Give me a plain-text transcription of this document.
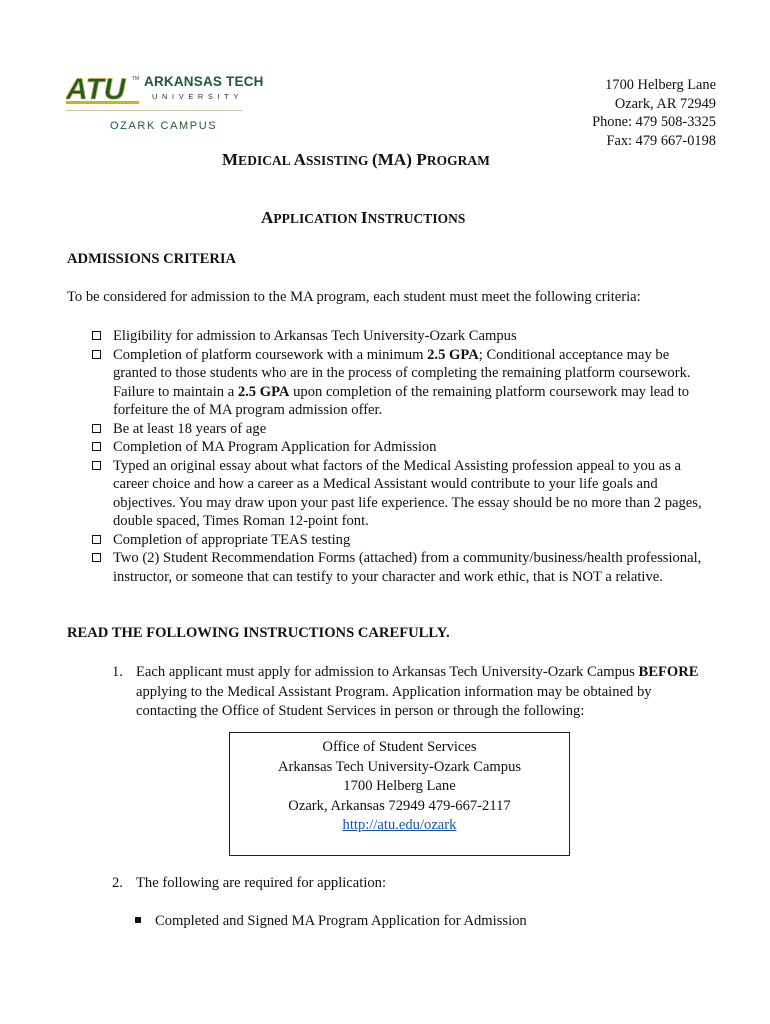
ATU TM ARKANSAS TECH
UNIVERSITY
OZARK CAMPUS
1700 Helberg Lane
Ozark, AR 72949
Phone: 479 508-3325
Fax: 479 667-0198
MEDICAL ASSISTING (MA) PROGRAM
APPLICATION INSTRUCTIONS
ADMISSIONS CRITERIA
To be considered for admission to the MA program, each student must meet the following criteria:
Eligibility for admission to Arkansas Tech University-Ozark Campus
Completion of platform coursework with a minimum 2.5 GPA; Conditional acceptance may be granted to those students who are in the process of completing the remaining platform coursework. Failure to maintain a 2.5 GPA upon completion of the remaining platform coursework may lead to forfeiture the of MA program admission offer.
Be at least 18 years of age
Completion of MA Program Application for Admission
Typed an original essay about what factors of the Medical Assisting profession appeal to you as a career choice and how a career as a Medical Assistant would contribute to your life goals and objectives. You may draw upon your past life experience. The essay should be no more than 2 pages, double spaced, Times Roman 12-point font.
Completion of appropriate TEAS testing
Two (2) Student Recommendation Forms (attached) from a community/business/health professional, instructor, or someone that can testify to your character and work ethic, that is NOT a relative.
READ THE FOLLOWING INSTRUCTIONS CAREFULLY.
1. Each applicant must apply for admission to Arkansas Tech University-Ozark Campus BEFORE applying to the Medical Assistant Program. Application information may be obtained by contacting the Office of Student Services in person or through the following:
Office of Student Services
Arkansas Tech University-Ozark Campus
1700 Helberg Lane
Ozark, Arkansas 72949 479-667-2117
http://atu.edu/ozark
2. The following are required for application:
Completed and Signed MA Program Application for Admission
